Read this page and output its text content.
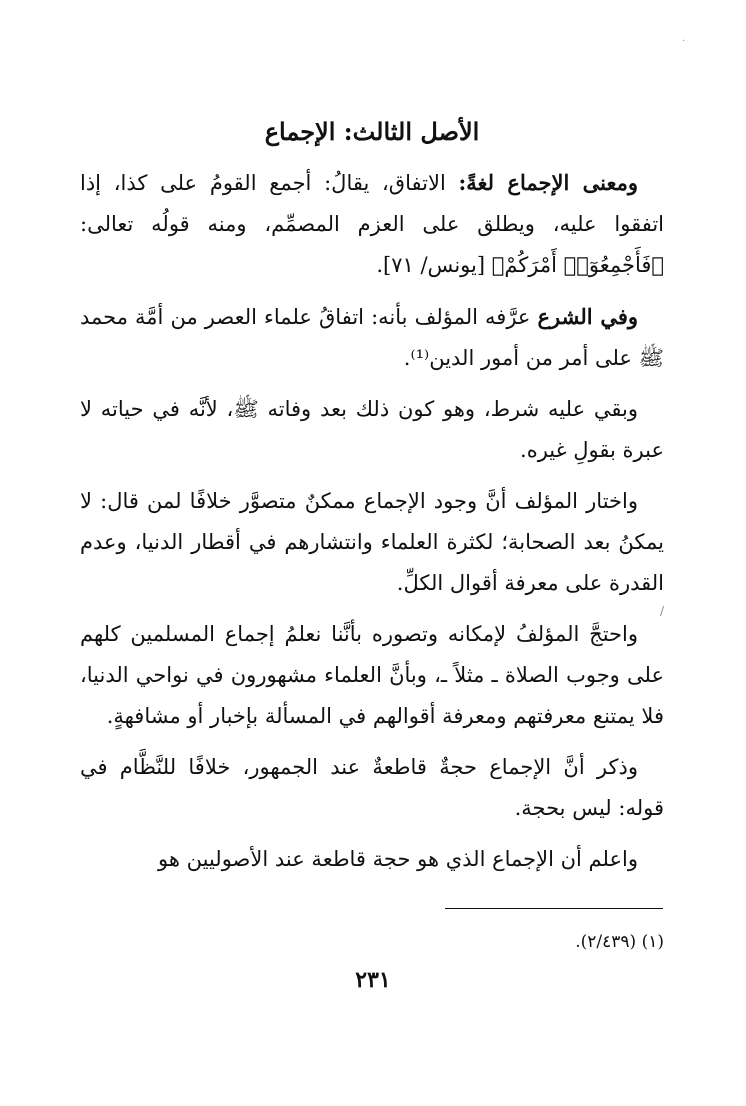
·
/
الأصل الثالث: الإجماع

ومعنى الإجماع لغةً: الاتفاق، يقالُ: أجمع القومُ على كذا، إذا اتفقوا عليه، ويطلق على العزم المصمِّم، ومنه قولُه تعالى: ﴿فَأَجْمِعُوٓا۟ أَمْرَكُمْ﴾ [يونس/ ٧١].

وفي الشرع عرَّفه المؤلف بأنه: اتفاقُ علماء العصر من أمَّة محمد ﷺ على أمر من أمور الدين⁽¹⁾.

وبقي عليه شرط، وهو كون ذلك بعد وفاته ﷺ، لأنَّه في حياته لا عبرة بقولِ غيره.

واختار المؤلف أنَّ وجود الإجماع ممكنٌ متصوَّر خلافًا لمن قال: لا يمكنُ بعد الصحابة؛ لكثرة العلماء وانتشارهم في أقطار الدنيا، وعدم القدرة على معرفة أقوال الكلِّ.

واحتجَّ المؤلفُ لإمكانه وتصوره بأنَّنا نعلمُ إجماع المسلمين كلهم على وجوب الصلاة ـ مثلاً ـ، وبأنَّ العلماء مشهورون في نواحي الدنيا، فلا يمتنع معرفتهم ومعرفة أقوالهم في المسألة بإخبار أو مشافهةٍ.

وذكر أنَّ الإجماع حجةٌ قاطعةٌ عند الجمهور، خلافًا للنَّظَّام في قوله: ليس بحجة.

واعلم أن الإجماع الذي هو حجة قاطعة عند الأصوليين هو

(١) (٢/٤٣٩).
٢٣١
